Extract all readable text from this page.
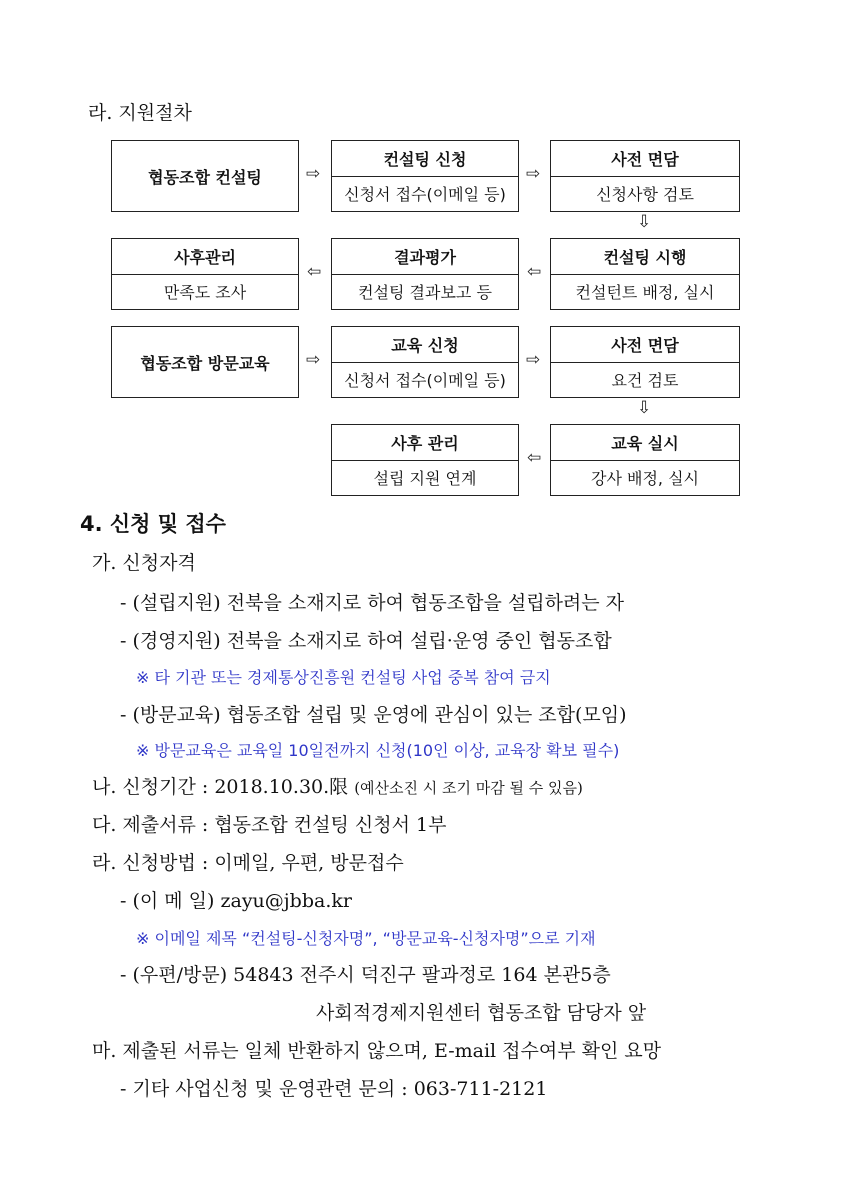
라. 지원절차
협동조합 컨설팅	⇨
컨설팅 신청
신청서 접수(이메일 등)
⇨
사전 면담
신청사항 검토
⇩
사후관리
만족도 조사
⇦
결과평가
컨설팅 결과보고 등
⇦
컨설팅 시행
컨설턴트 배정, 실시
협동조합 방문교육	⇨
교육 신청
신청서 접수(이메일 등)
⇨
사전 면담
요건 검토
⇩
사후 관리
설립 지원 연계
⇦
교육 실시
강사 배정, 실시
4. 신청 및 접수
가. 신청자격
- (설립지원) 전북을 소재지로 하여 협동조합을 설립하려는 자
- (경영지원) 전북을 소재지로 하여 설립·운영 중인 협동조합
※ 타 기관 또는 경제통상진흥원 컨설팅 사업 중복 참여 금지
- (방문교육) 협동조합 설립 및 운영에 관심이 있는 조합(모임)
※ 방문교육은 교육일 10일전까지 신청(10인 이상, 교육장 확보 필수)
나. 신청기간 : 2018.10.30.限 (예산소진 시 조기 마감 될 수 있음)
다. 제출서류 : 협동조합 컨설팅 신청서 1부
라. 신청방법 : 이메일, 우편, 방문접수
- (이 메 일) zayu@jbba.kr
※ 이메일 제목 “컨설팅-신청자명”, “방문교육-신청자명”으로 기재
- (우편/방문) 54843 전주시 덕진구 팔과정로 164 본관5층
사회적경제지원센터 협동조합 담당자 앞
마. 제출된 서류는 일체 반환하지 않으며, E-mail 접수여부 확인 요망
- 기타 사업신청 및 운영관련 문의 : 063-711-2121
